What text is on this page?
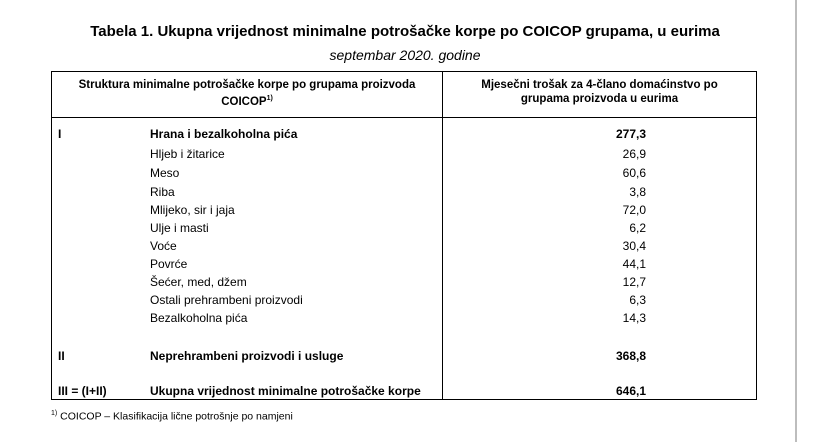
Tabela 1. Ukupna vrijednost minimalne potrošačke korpe po COICOP grupama, u eurima
septembar 2020. godine
Struktura minimalne potrošačke korpe po grupama proizvoda
COICOP$^{1)}$
Mjesečni trošak za 4-člano domaćinstvo po
grupama proizvoda u eurima
I	Hrana i bezalkoholna pića	277,3
Hljeb i žitarice	26,9
Meso	60,6
Riba	3,8
Mlijeko, sir i jaja	72,0
Ulje i masti	6,2
Voće	30,4
Povrće	44,1
Šećer, med, džem	12,7
Ostali prehrambeni proizvodi	6,3
Bezalkoholna pića	14,3
II	Neprehrambeni proizvodi i usluge	368,8
III = (I+II)	Ukupna vrijednost minimalne potrošačke korpe	646,1
$^{1)}$ COICOP – Klasifikacija lične potrošnje po namjeni
